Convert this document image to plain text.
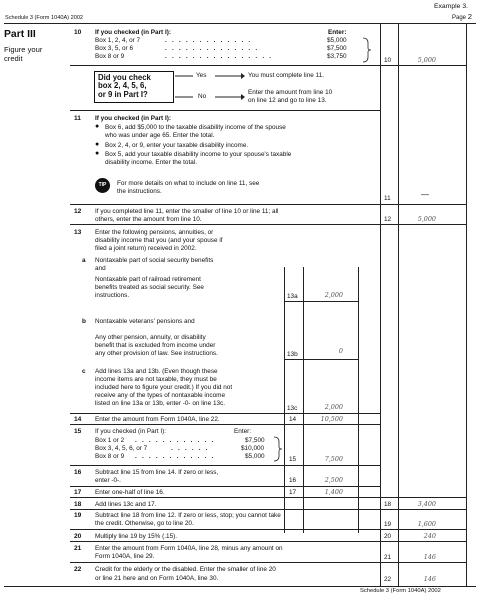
Example 3.
Schedule 3 (Form 1040A) 2002	Page 2
Part III
Figure your credit
10 If you checked (in Part I):	Enter:
Box 1, 2, 4, or 7	. . . . . . . . . . . . .	$5,000
Box 3, 5, or 6	. . . . . . . . . . . . . .	$7,500
Box 8 or 9	. . . . . . . . . . . . . . . .	$3,750
10	5,000
Did you check
box 2, 4, 5, 6,
or 9 in Part I?
Yes	You must complete line 11.
No
Enter the amount from line 10
on line 12 and go to line 13.
11 If you checked (in Part I):
● Box 6, add $5,000 to the taxable disability income of the spouse
who was under age 65. Enter the total.
● Box 2, 4, or 9, enter your taxable disability income.
● Box 5, add your taxable disability income to your spouse's taxable
disability income. Enter the total.
TIP	For more details on what to include on line 11, see
the instructions.
11	—
12 If you completed line 11, enter the smaller of line 10 or line 11; all
others, enter the amount from line 10.	12	5,000
13 Enter the following pensions, annuities, or
disability income that you (and your spouse if
filed a joint return) received in 2002.
a Nontaxable part of social security benefits
and
Nontaxable part of railroad retirement
benefits treated as social security. See
instructions.	13a	2,000
b Nontaxable veterans' pensions and
Any other pension, annuity, or disability
benefit that is excluded from income under
any other provision of law. See instructions.	13b	0
c Add lines 13a and 13b. (Even though these
income items are not taxable, they must be
included here to figure your credit.) If you did not
receive any of the types of nontaxable income
listed on line 13a or 13b, enter -0- on line 13c.
13c	2,000
14 Enter the amount from Form 1040A, line 22.	14	10,500
15 If you checked (in Part I):	Enter:
Box 1 or 2 . . . . . . . . . . . .	$7,500
Box 3, 4, 5, 6, or 7	. . . . . .	$10,000
Box 8 or 9 . . . . . . . . . . . .	$5,000	15	7,500
16 Subtract line 15 from line 14. If zero or less,
enter -0-.	16	2,500
17 Enter one-half of line 16.	17	1,400
18 Add lines 13c and 17.	18	3,400
19 Subtract line 18 from line 12. If zero or less, stop; you cannot take
the credit. Otherwise, go to line 20.	19	1,600
20 Multiply line 19 by 15% (.15).	20	240
21 Enter the amount from Form 1040A, line 28, minus any amount on
Form 1040A, line 29.	21	146
22 Credit for the elderly or the disabled. Enter the smaller of line 20
or line 21 here and on Form 1040A, line 30.	22	146
Schedule 3 (Form 1040A) 2002
